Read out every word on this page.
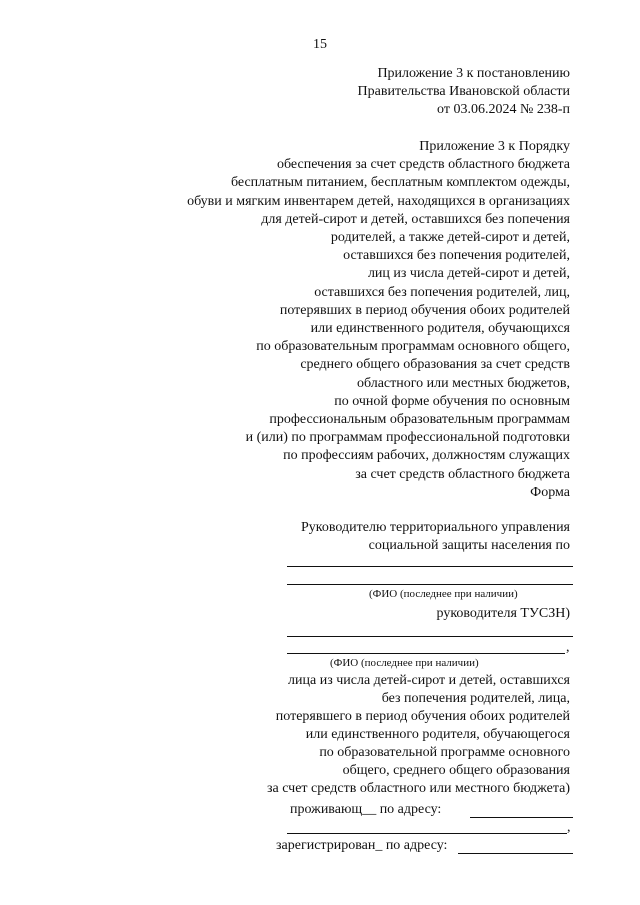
15
Приложение 3 к постановлению
Правительства Ивановской области
от 03.06.2024 № 238-п
Приложение 3 к Порядку
обеспечения за счет средств областного бюджета
бесплатным питанием, бесплатным комплектом одежды,
обуви и мягким инвентарем детей, находящихся в организациях
для детей-сирот и детей, оставшихся без попечения
родителей, а также детей-сирот и детей,
оставшихся без попечения родителей,
лиц из числа детей-сирот и детей,
оставшихся без попечения родителей, лиц,
потерявших в период обучения обоих родителей
или единственного родителя, обучающихся
по образовательным программам основного общего,
среднего общего образования за счет средств
областного или местных бюджетов,
по очной форме обучения по основным
профессиональным образовательным программам
и (или) по программам профессиональной подготовки
по профессиям рабочих, должностям служащих
за счет средств областного бюджета
Форма
Руководителю территориального управления
социальной защиты населения по
(ФИО (последнее при наличии)
руководителя ТУСЗН)
,
(ФИО (последнее при наличии)
лица из числа детей-сирот и детей, оставшихся
без попечения родителей, лица,
потерявшего в период обучения обоих родителей
или единственного родителя, обучающегося
по образовательной программе основного
общего, среднего общего образования
за счет средств областного или местного бюджета)
проживающ__ по адресу:
,
зарегистрирован_ по адресу:
